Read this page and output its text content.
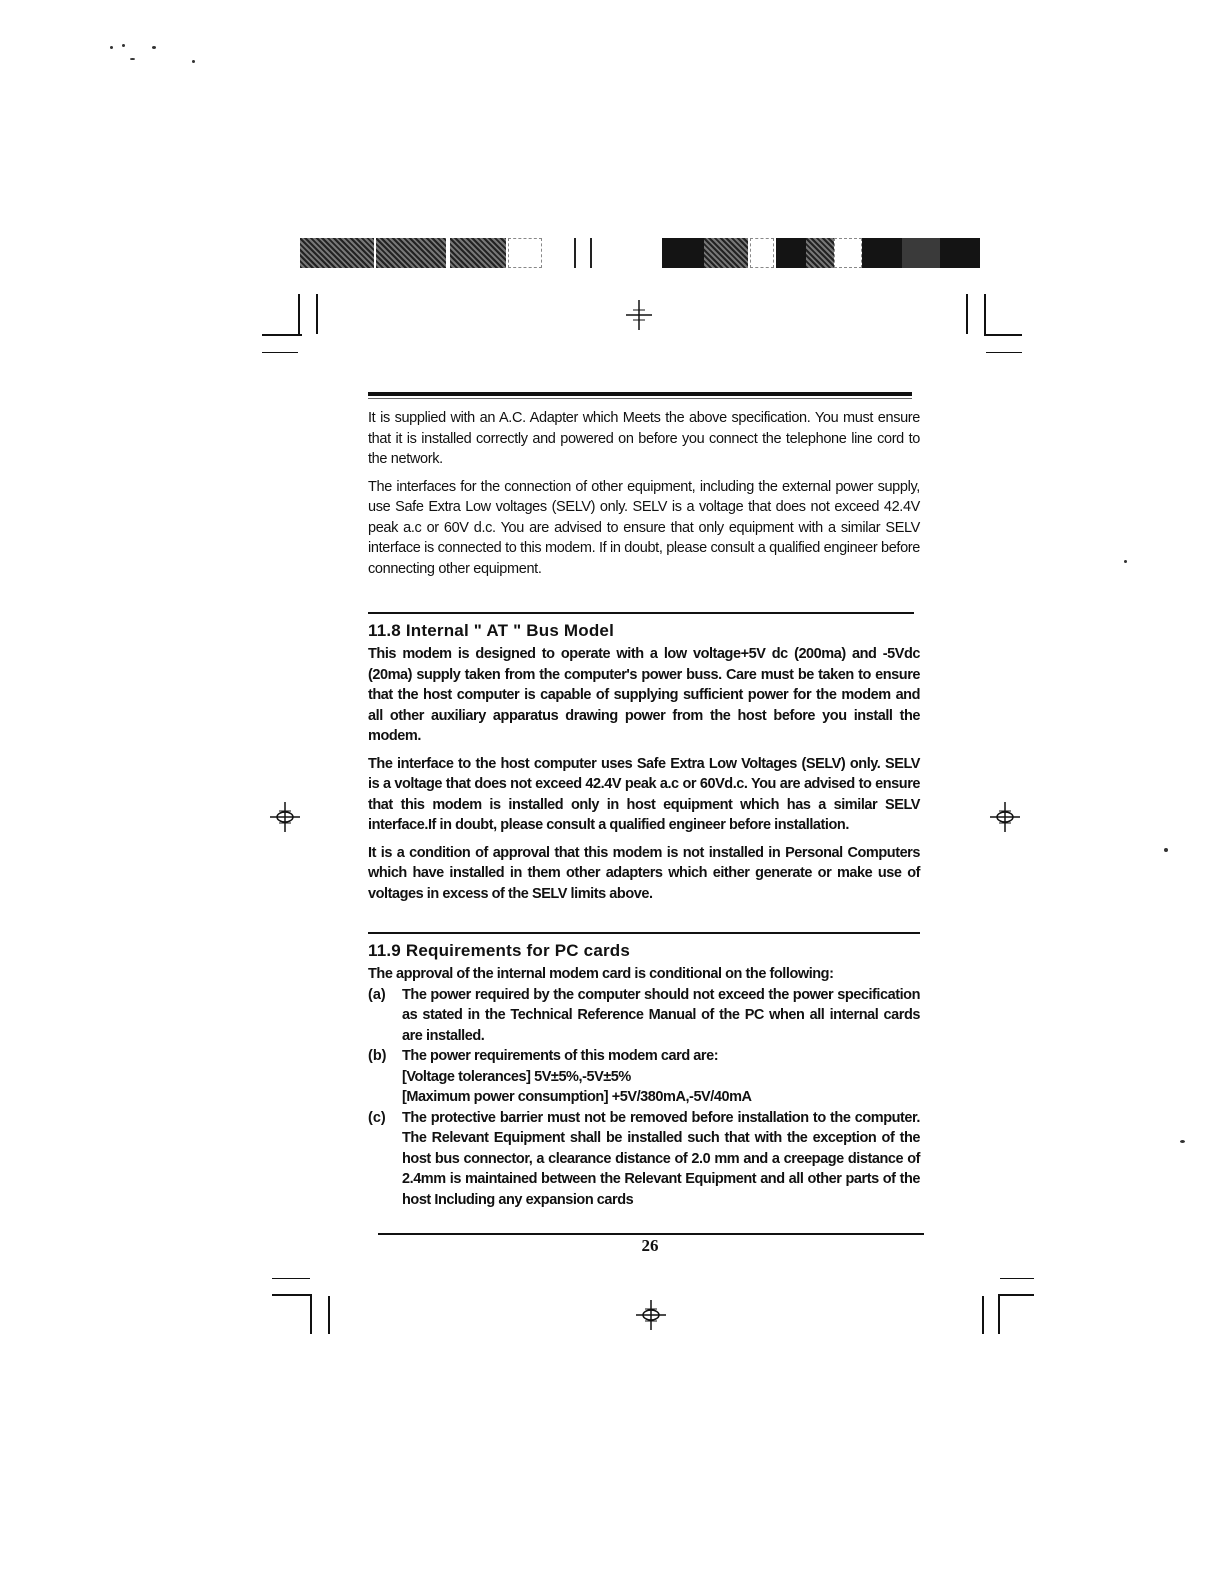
It is supplied with an A.C. Adapter which Meets the above specification. You must ensure that it is installed correctly and powered on before you connect the telephone line cord to the network.

The interfaces for the connection of other equipment, including the external power supply, use Safe Extra Low voltages (SELV) only. SELV is a voltage that does not exceed 42.4V peak a.c or 60V d.c. You are advised to ensure that only equipment with a similar SELV interface is connected to this modem. If in doubt, please consult a qualified engineer before connecting other equipment.

11.8 Internal " AT " Bus Model

This modem is designed to operate with a low voltage+5V dc (200ma) and -5Vdc (20ma) supply taken from the computer's power buss. Care must be taken to ensure that the host computer is capable of supplying sufficient power for the modem and all other auxiliary apparatus drawing power from the host before you install the modem.

The interface to the host computer uses Safe Extra Low Voltages (SELV) only. SELV is a voltage that does not exceed 42.4V peak a.c or 60Vd.c. You are advised to ensure that this modem is installed only in host equipment which has a similar SELV interface.If in doubt, please consult a qualified engineer before installation.

It is a condition of approval that this modem is not installed in Personal Computers which have installed in them other adapters which either generate or make use of voltages in excess of the SELV limits above.

11.9 Requirements for PC cards

The approval of the internal modem card is conditional on the following:

(a)	The power required by the computer should not exceed the power specification as stated in the Technical Reference Manual of the PC when all internal cards are installed.

(b)	The power requirements of this modem card are:

[Voltage tolerances] 5V±5%,-5V±5%

[Maximum power consumption] +5V/380mA,-5V/40mA

(c)	The protective barrier must not be removed before installation to the computer. The Relevant Equipment shall be installed such that with the exception of the host bus connector, a clearance distance of 2.0 mm and a creepage distance of 2.4mm is maintained between the Relevant Equipment and all other parts of the host Including any expansion cards

26
